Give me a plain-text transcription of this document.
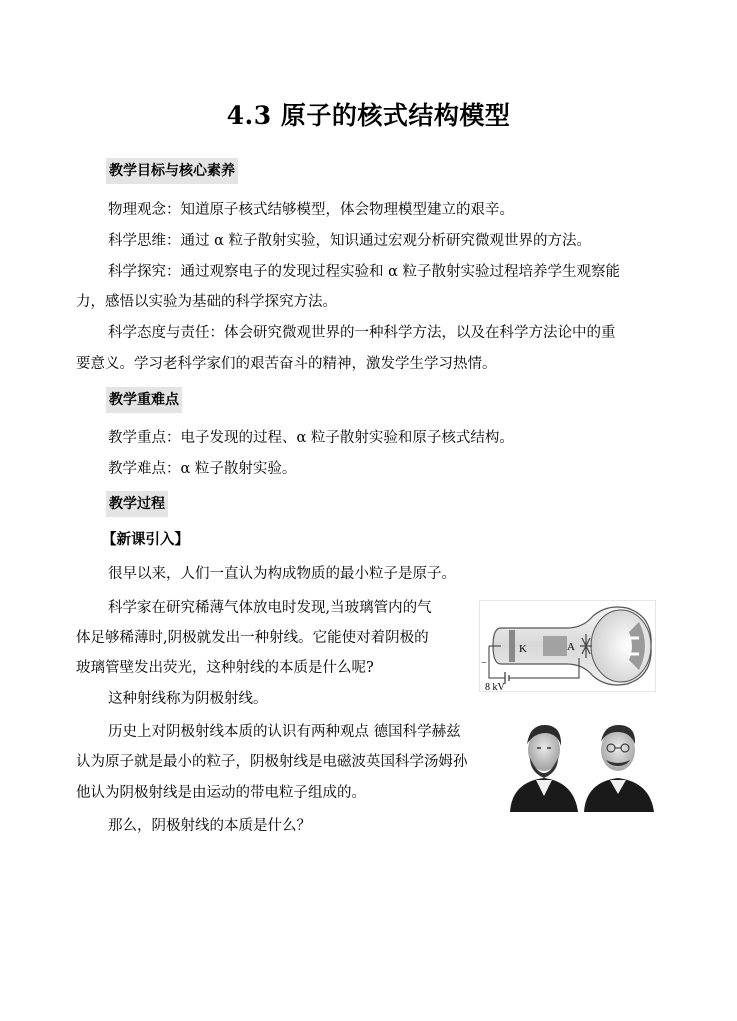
4.3 原子的核式结构模型
教学目标与核心素养
物理观念：知道原子核式结够模型，体会物理模型建立的艰辛。
科学思维：通过 α 粒子散射实验，知识通过宏观分析研究微观世界的方法。
科学探究：通过观察电子的发现过程实验和 α 粒子散射实验过程培养学生观察能
力，感悟以实验为基础的科学探究方法。
科学态度与责任：体会研究微观世界的一种科学方法，以及在科学方法论中的重
要意义。学习老科学家们的艰苦奋斗的精神，激发学生学习热情。
教学重难点
教学重点：电子发现的过程、α 粒子散射实验和原子核式结构。
教学难点：α 粒子散射实验。
教学过程
【新课引入】
很早以来，人们一直认为构成物质的最小粒子是原子。
科学家在研究稀薄气体放电时发现,当玻璃管内的气
体足够稀薄时,阴极就发出一种射线。它能使对着阴极的
玻璃管壁发出荧光，这种射线的本质是什么呢?
这种射线称为阴极射线。
历史上对阴极射线本质的认识有两种观点 德国科学赫兹
认为原子就是最小的粒子，阴极射线是电磁波英国科学汤姆孙
他认为阴极射线是由运动的带电粒子组成的。
那么，阴极射线的本质是什么？
K	A
−
8 kV
